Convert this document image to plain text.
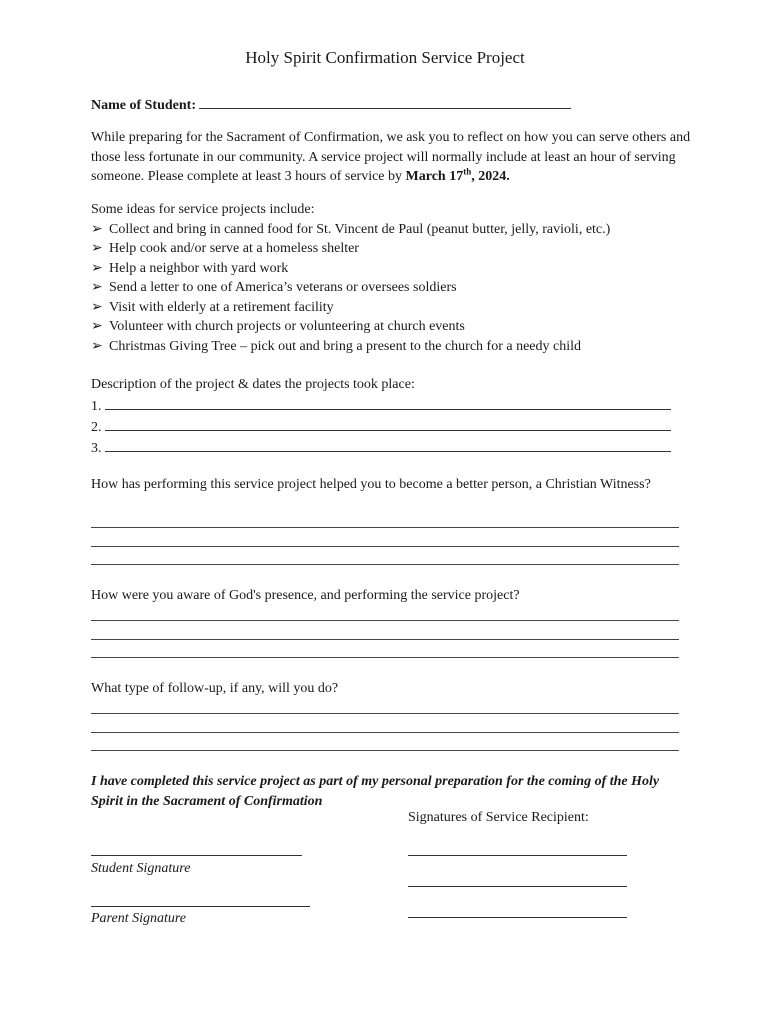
Holy Spirit Confirmation Service Project
Name of Student:
While preparing for the Sacrament of Confirmation, we ask you to reflect on how you can serve others and those less fortunate in our community. A service project will normally include at least an hour of serving someone. Please complete at least 3 hours of service by March 17th, 2024.
Some ideas for service projects include:
➢ Collect and bring in canned food for St. Vincent de Paul (peanut butter, jelly, ravioli, etc.)
➢ Help cook and/or serve at a homeless shelter
➢ Help a neighbor with yard work
➢ Send a letter to one of America’s veterans or oversees soldiers
➢ Visit with elderly at a retirement facility
➢ Volunteer with church projects or volunteering at church events
➢ Christmas Giving Tree – pick out and bring a present to the church for a needy child
Description of the project & dates the projects took place:
1.
2.
3.
How has performing this service project helped you to become a better person, a Christian Witness?
How were you aware of God's presence, and performing the service project?
What type of follow-up, if any, will you do?
I have completed this service project as part of my personal preparation for the coming of the Holy Spirit in the Sacrament of Confirmation
Signatures of Service Recipient:
Student Signature
Parent Signature
